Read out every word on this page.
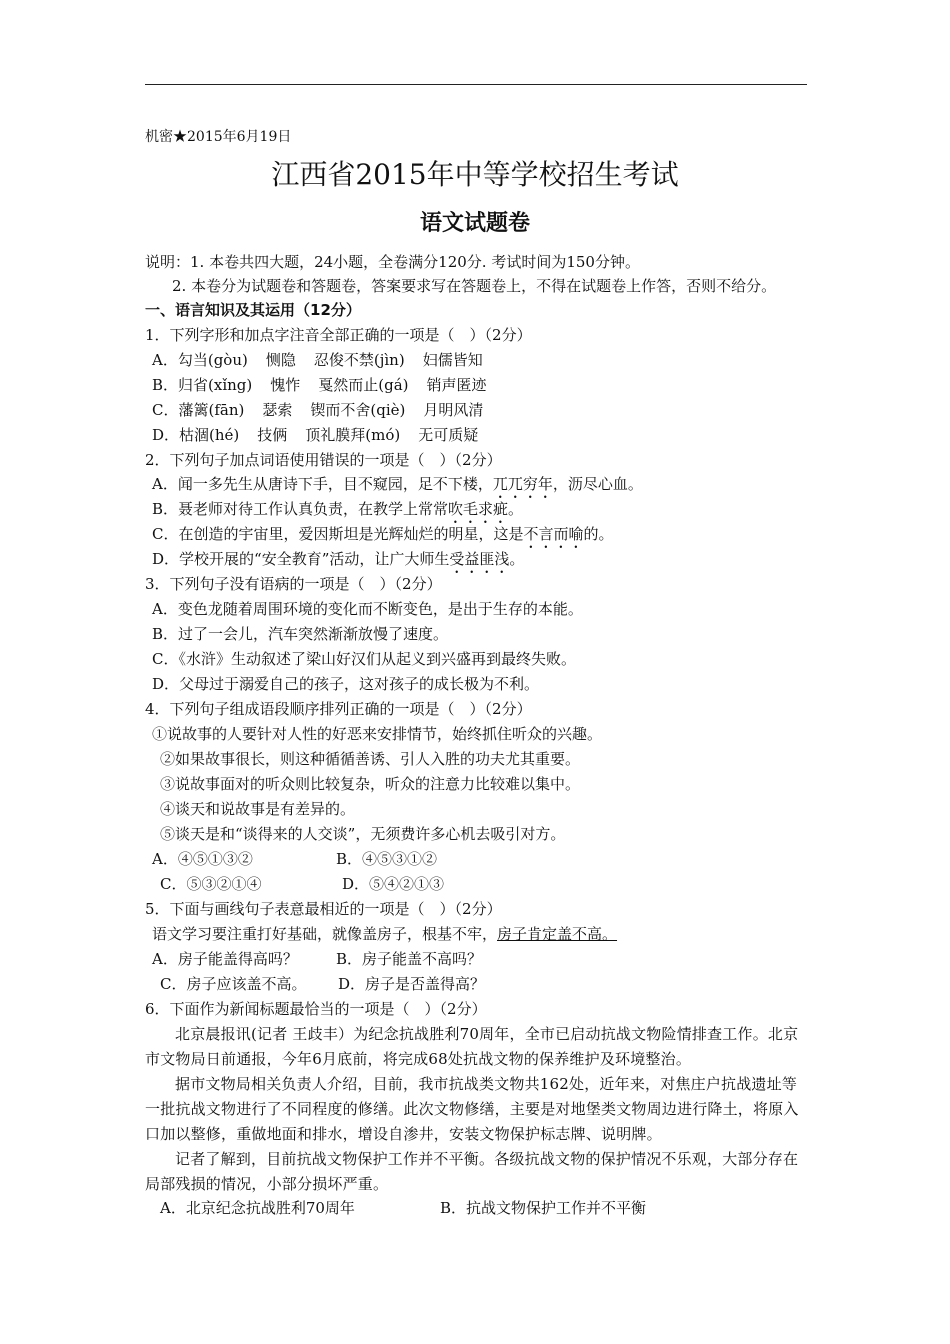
机密★2015年6月19日
江西省2015年中等学校招生考试
语文试题卷
说明：1. 本卷共四大题，24小题，全卷满分120分. 考试时间为150分钟。
2. 本卷分为试题卷和答题卷，答案要求写在答题卷上，不得在试题卷上作答，否则不给分。
一、语言知识及其运用（12分）
1．下列字形和加点字注音全部正确的一项是（　）（2分）
A．勾当(gòu) 恻隐 忍俊不禁(jìn) 妇儒皆知
B．归省(xǐng) 愧怍 戛然而止(gá) 销声匿迹
C．藩篱(fān) 瑟索 锲而不舍(qiè) 月明风清
D．枯涸(hé) 技俩 顶礼膜拜(mó) 无可质疑
2．下列句子加点词语使用错误的一项是（　）（2分）
A．闻一多先生从唐诗下手，目不窥园，足不下楼，兀兀穷年，沥尽心血。
B．聂老师对待工作认真负责，在教学上常常吹毛求疵。
C．在创造的宇宙里，爱因斯坦是光辉灿烂的明星，这是不言而喻的。
D．学校开展的“安全教育”活动，让广大师生受益匪浅。
3．下列句子没有语病的一项是（　）（2分）
A．变色龙随着周围环境的变化而不断变色，是出于生存的本能。
B．过了一会儿，汽车突然渐渐放慢了速度。
C．《水浒》生动叙述了梁山好汉们从起义到兴盛再到最终失败。
D．父母过于溺爱自己的孩子，这对孩子的成长极为不利。
4．下列句子组成语段顺序排列正确的一项是（　）（2分）
①说故事的人要针对人性的好恶来安排情节，始终抓住听众的兴趣。
②如果故事很长，则这种循循善诱、引人入胜的功夫尤其重要。
③说故事面对的听众则比较复杂，听众的注意力比较难以集中。
④谈天和说故事是有差异的。
⑤谈天是和“谈得来的人交谈”，无须费许多心机去吸引对方。
A．④⑤①③②	B．④⑤③①②
C．⑤③②①④	D．⑤④②①③
5．下面与画线句子表意最相近的一项是（　）（2分）
语文学习要注重打好基础，就像盖房子，根基不牢，房子肯定盖不高。
A．房子能盖得高吗？	B．房子能盖不高吗？
C．房子应该盖不高。 D．房子是否盖得高？
6．下面作为新闻标题最恰当的一项是（　）（2分）
北京晨报讯(记者 王歧丰）为纪念抗战胜利70周年，全市已启动抗战文物险情排查工作。北京市文物局日前通报，今年6月底前，将完成68处抗战文物的保养维护及环境整治。
据市文物局相关负责人介绍，目前，我市抗战类文物共162处，近年来，对焦庄户抗战遗址等一批抗战文物进行了不同程度的修缮。此次文物修缮，主要是对地堡类文物周边进行降土，将原入口加以整修，重做地面和排水，增设自渗井，安装文物保护标志牌、说明牌。
记者了解到，目前抗战文物保护工作并不平衡。各级抗战文物的保护情况不乐观，大部分存在局部残损的情况，小部分损坏严重。
A．北京纪念抗战胜利70周年	B．抗战文物保护工作并不平衡
